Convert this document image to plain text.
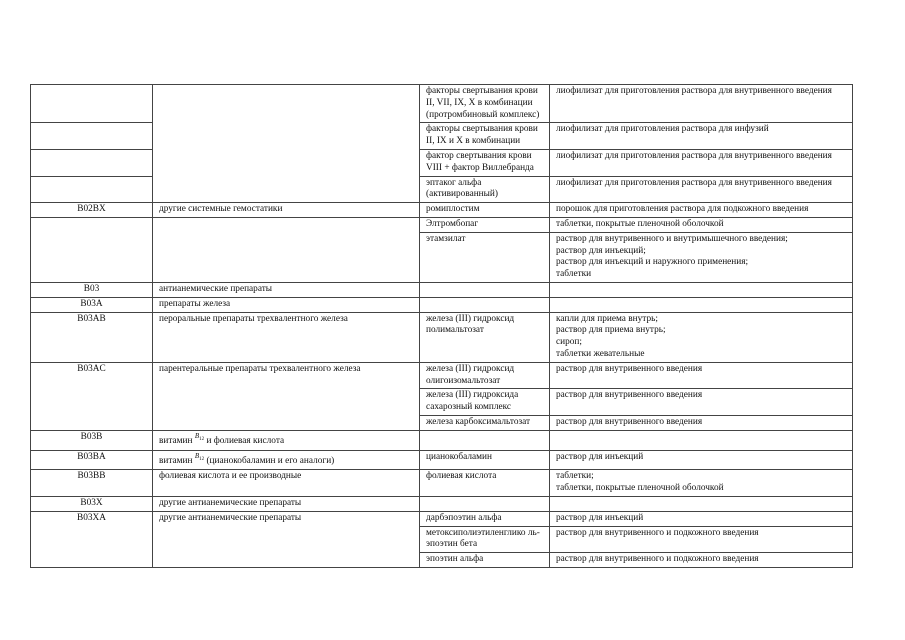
		факторы свертывания крови II, VII, IX, X в комбинации (протромбиновый комплекс)	лиофилизат для приготовления раствора для внутривенного введения

		факторы свертывания крови II, IX и X в комбинации	лиофилизат для приготовления раствора для инфузий

		фактор свертывания крови VIII + фактор Виллебранда	лиофилизат для приготовления раствора для внутривенного введения

		эптаког альфа (активированный)	лиофилизат для приготовления раствора для внутривенного введения

B02BX	другие системные гемостатики	ромиплостим	порошок для приготовления раствора для подкожного введения

		Элтромбопаг	таблетки, покрытые пленочной оболочкой

		этамзилат	раствор для внутривенного и внутримышечного введения;
раствор для инъекций;
раствор для инъекций и наружного применения;
таблетки

B03	антианемические препараты		
B03A	препараты железа		
B03AB	пероральные препараты трехвалентного железа	железа (III) гидроксид полимальтозат	капли для приема внутрь;
раствор для приема внутрь;
сироп;
таблетки жевательные

B03AC	парентеральные препараты трехвалентного железа	железа (III) гидроксид олигоизомальтозат	раствор для внутривенного введения

		железа (III) гидроксида сахарозный комплекс	раствор для внутривенного введения

		железа карбоксимальтозат	раствор для внутривенного введения

B03B	витамин $^{B12}$ и фолиевая кислота		
B03BA	витамин $^{B12}$ (цианокобаламин и его аналоги)	цианокобаламин	раствор для инъекций

B03BB	фолиевая кислота и ее производные	фолиевая кислота	таблетки;
таблетки, покрытые пленочной оболочкой

B03X	другие антианемические препараты		
B03XA	другие антианемические препараты	дарбэпоэтин альфа	раствор для инъекций

		метоксиполиэтиленглико ль- эпоэтин бета	раствор для внутривенного и подкожного введения

		эпоэтин альфа	раствор для внутривенного и подкожного введения
